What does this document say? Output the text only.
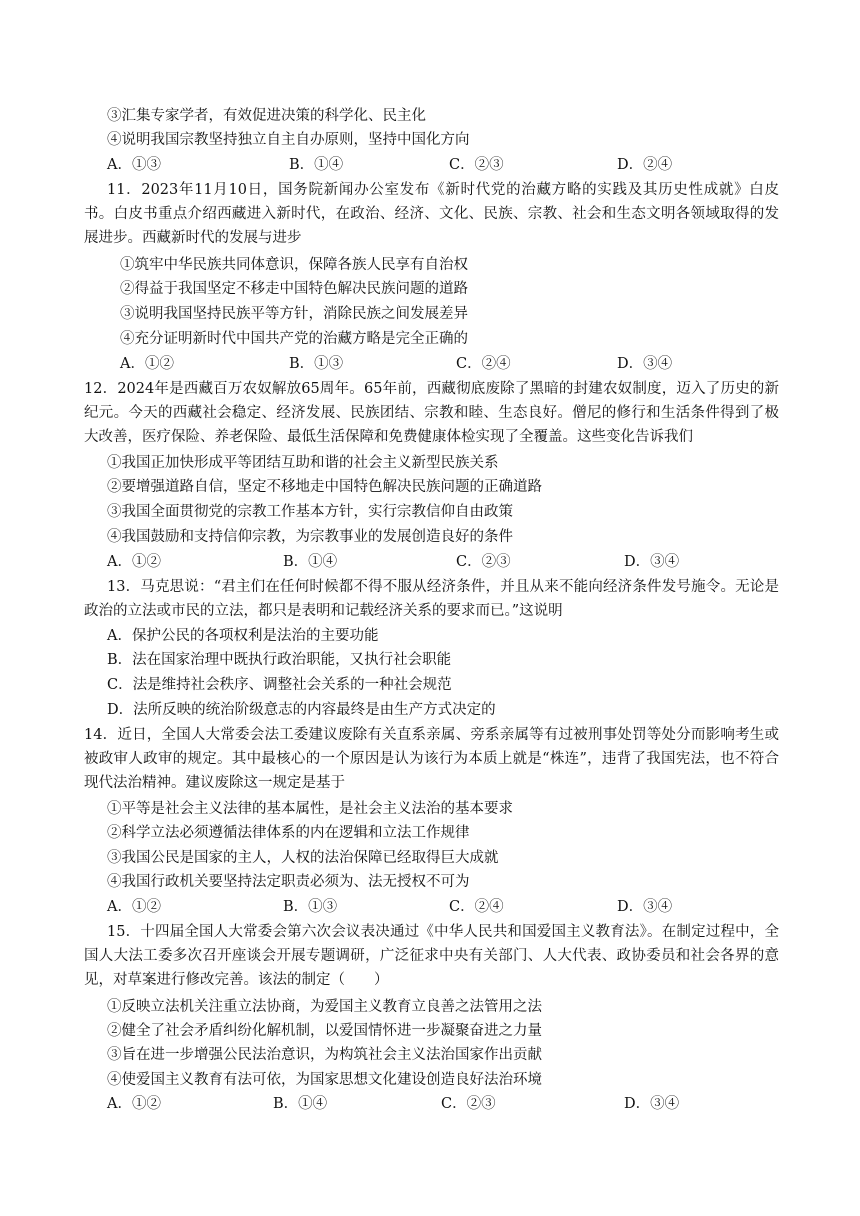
③汇集专家学者，有效促进决策的科学化、民主化
④说明我国宗教坚持独立自主自办原则，坚持中国化方向
A．①③	B．①④	C．②③	D．②④
11．2023年11月10日，国务院新闻办公室发布《新时代党的治藏方略的实践及其历史性成就》白皮书。白皮书重点介绍西藏进入新时代，在政治、经济、文化、民族、宗教、社会和生态文明各领域取得的发展进步。西藏新时代的发展与进步
①筑牢中华民族共同体意识，保障各族人民享有自治权
②得益于我国坚定不移走中国特色解决民族问题的道路
③说明我国坚持民族平等方针，消除民族之间发展差异
④充分证明新时代中国共产党的治藏方略是完全正确的
A．①②	B．①③	C．②④	D．③④
12．2024年是西藏百万农奴解放65周年。65年前，西藏彻底废除了黑暗的封建农奴制度，迈入了历史的新纪元。今天的西藏社会稳定、经济发展、民族团结、宗教和睦、生态良好。僧尼的修行和生活条件得到了极大改善，医疗保险、养老保险、最低生活保障和免费健康体检实现了全覆盖。这些变化告诉我们
①我国正加快形成平等团结互助和谐的社会主义新型民族关系
②要增强道路自信，坚定不移地走中国特色解决民族问题的正确道路
③我国全面贯彻党的宗教工作基本方针，实行宗教信仰自由政策
④我国鼓励和支持信仰宗教，为宗教事业的发展创造良好的条件
A．①②	B．①④	C．②③	D．③④
13．马克思说：“君主们在任何时候都不得不服从经济条件，并且从来不能向经济条件发号施令。无论是政治的立法或市民的立法，都只是表明和记载经济关系的要求而已。”这说明
A．保护公民的各项权利是法治的主要功能
B．法在国家治理中既执行政治职能，又执行社会职能
C．法是维持社会秩序、调整社会关系的一种社会规范
D．法所反映的统治阶级意志的内容最终是由生产方式决定的
14．近日，全国人大常委会法工委建议废除有关直系亲属、旁系亲属等有过被刑事处罚等处分而影响考生或被政审人政审的规定。其中最核心的一个原因是认为该行为本质上就是“株连”，违背了我国宪法，也不符合现代法治精神。建议废除这一规定是基于
①平等是社会主义法律的基本属性，是社会主义法治的基本要求
②科学立法必须遵循法律体系的内在逻辑和立法工作规律
③我国公民是国家的主人，人权的法治保障已经取得巨大成就
④我国行政机关要坚持法定职责必须为、法无授权不可为
A．①②	B．①③	C．②④	D．③④
15．十四届全国人大常委会第六次会议表决通过《中华人民共和国爱国主义教育法》。在制定过程中，全国人大法工委多次召开座谈会开展专题调研，广泛征求中央有关部门、人大代表、政协委员和社会各界的意见，对草案进行修改完善。该法的制定（　　）
①反映立法机关注重立法协商，为爱国主义教育立良善之法管用之法
②健全了社会矛盾纠纷化解机制，以爱国情怀进一步凝聚奋进之力量
③旨在进一步增强公民法治意识，为构筑社会主义法治国家作出贡献
④使爱国主义教育有法可依，为国家思想文化建设创造良好法治环境
A．①②	B．①④	C．②③	D．③④
